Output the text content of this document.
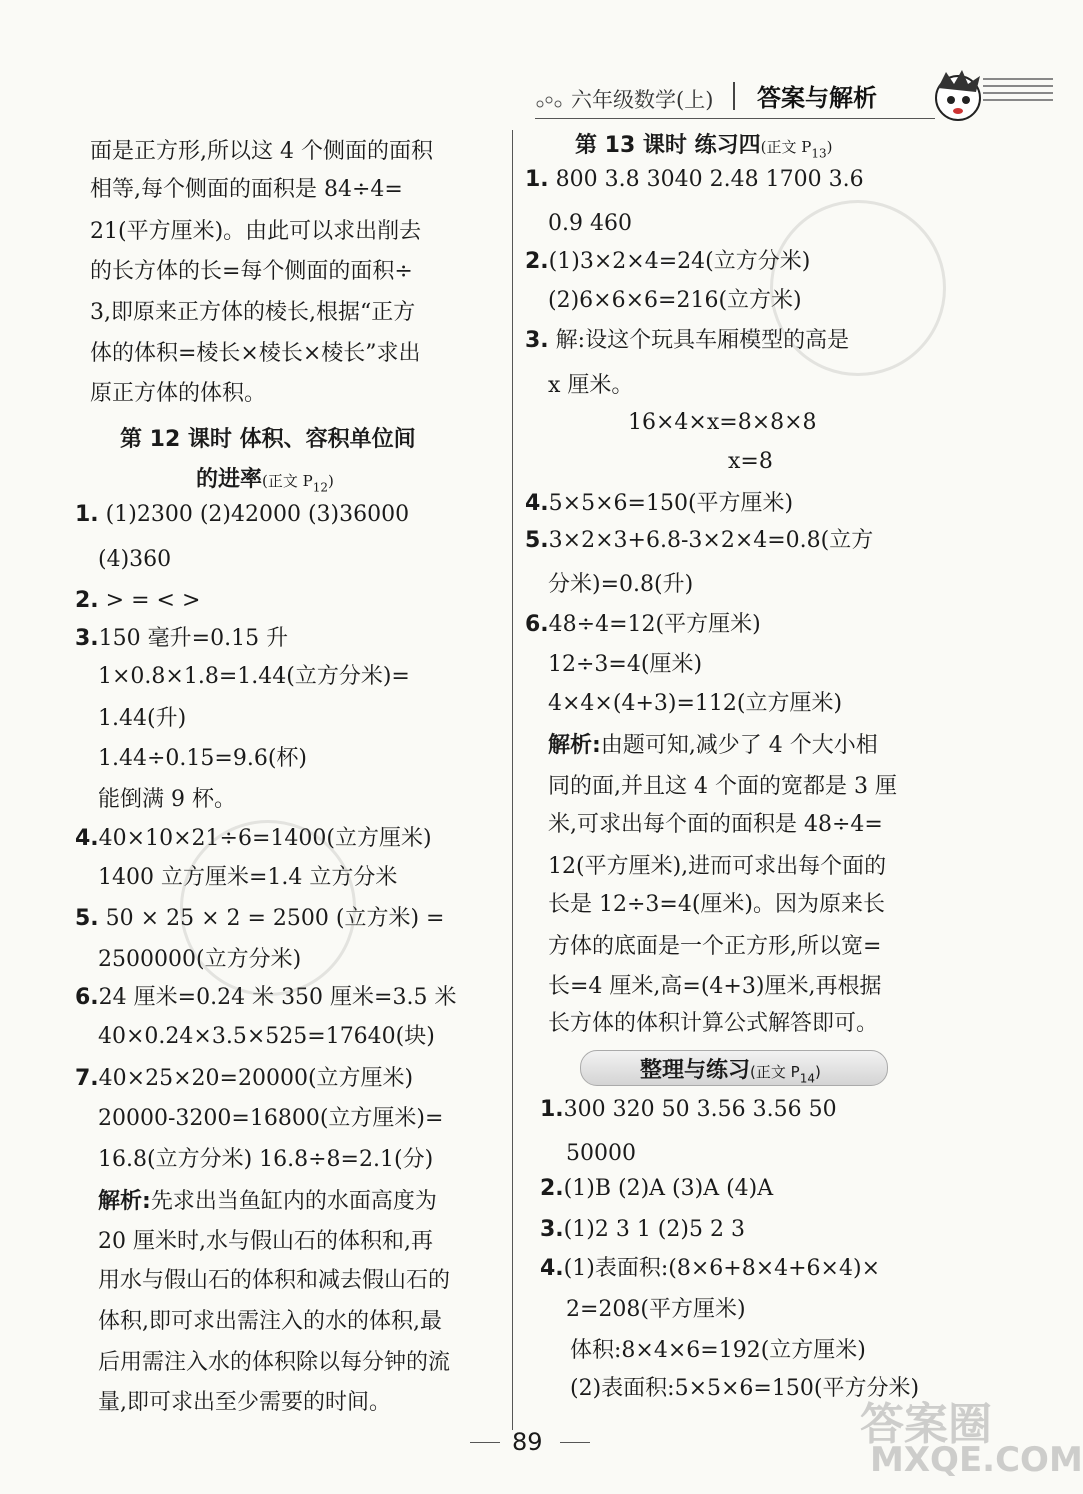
六年级数学(上) 答案与解析
面是正方形,所以这 4 个侧面的面积
相等,每个侧面的面积是 84÷4=
21(平方厘米)。由此可以求出削去
的长方体的长=每个侧面的面积÷
3,即原来正方体的棱长,根据“正方
体的体积=棱长×棱长×棱长”求出
原正方体的体积。
第 12 课时 体积、容积单位间
的进率(正文 $P_{12}$)
1. (1)2300 (2)42000 (3)36000
(4)360
2. > = < >
3.150 毫升=0.15 升
1×0.8×1.8=1.44(立方分米)=
1.44(升)
1.44÷0.15=9.6(杯)
能倒满 9 杯。
4.40×10×21÷6=1400(立方厘米)
1400 立方厘米=1.4 立方分米
5. 50 × 25 × 2 = 2500 (立方米) =
2500000(立方分米)
6.24 厘米=0.24 米 350 厘米=3.5 米
40×0.24×3.5×525=17640(块)
7.40×25×20=20000(立方厘米)
20000-3200=16800(立方厘米)=
16.8(立方分米) 16.8÷8=2.1(分)
解析:先求出当鱼缸内的水面高度为
20 厘米时,水与假山石的体积和,再
用水与假山石的体积和减去假山石的
体积,即可求出需注入的水的体积,最
后用需注入水的体积除以每分钟的流
量,即可求出至少需要的时间。
第 13 课时 练习四(正文 $P_{13}$)
1. 800 3.8 3040 2.48 1700 3.6
0.9 460
2.(1)3×2×4=24(立方分米)
(2)6×6×6=216(立方米)
3. 解:设这个玩具车厢模型的高是
x 厘米。
16×4×x=8×8×8
x=8
4.5×5×6=150(平方厘米)
5.3×2×3+6.8-3×2×4=0.8(立方
分米)=0.8(升)
6.48÷4=12(平方厘米)
12÷3=4(厘米)
4×4×(4+3)=112(立方厘米)
解析:由题可知,减少了 4 个大小相
同的面,并且这 4 个面的宽都是 3 厘
米,可求出每个面的面积是 48÷4=
12(平方厘米),进而可求出每个面的
长是 12÷3=4(厘米)。因为原来长
方体的底面是一个正方形,所以宽=
长=4 厘米,高=(4+3)厘米,再根据
长方体的体积计算公式解答即可。
整理与练习(正文 $P_{14}$)
1.300 320 50 3.56 3.56 50
50000
2.(1)B (2)A (3)A (4)A
3.(1)2 3 1 (2)5 2 3
4.(1)表面积:(8×6+8×4+6×4)×
2=208(平方厘米)
体积:8×4×6=192(立方厘米)
(2)表面积:5×5×6=150(平方分米)
89	答案圈
MXQE.COM
